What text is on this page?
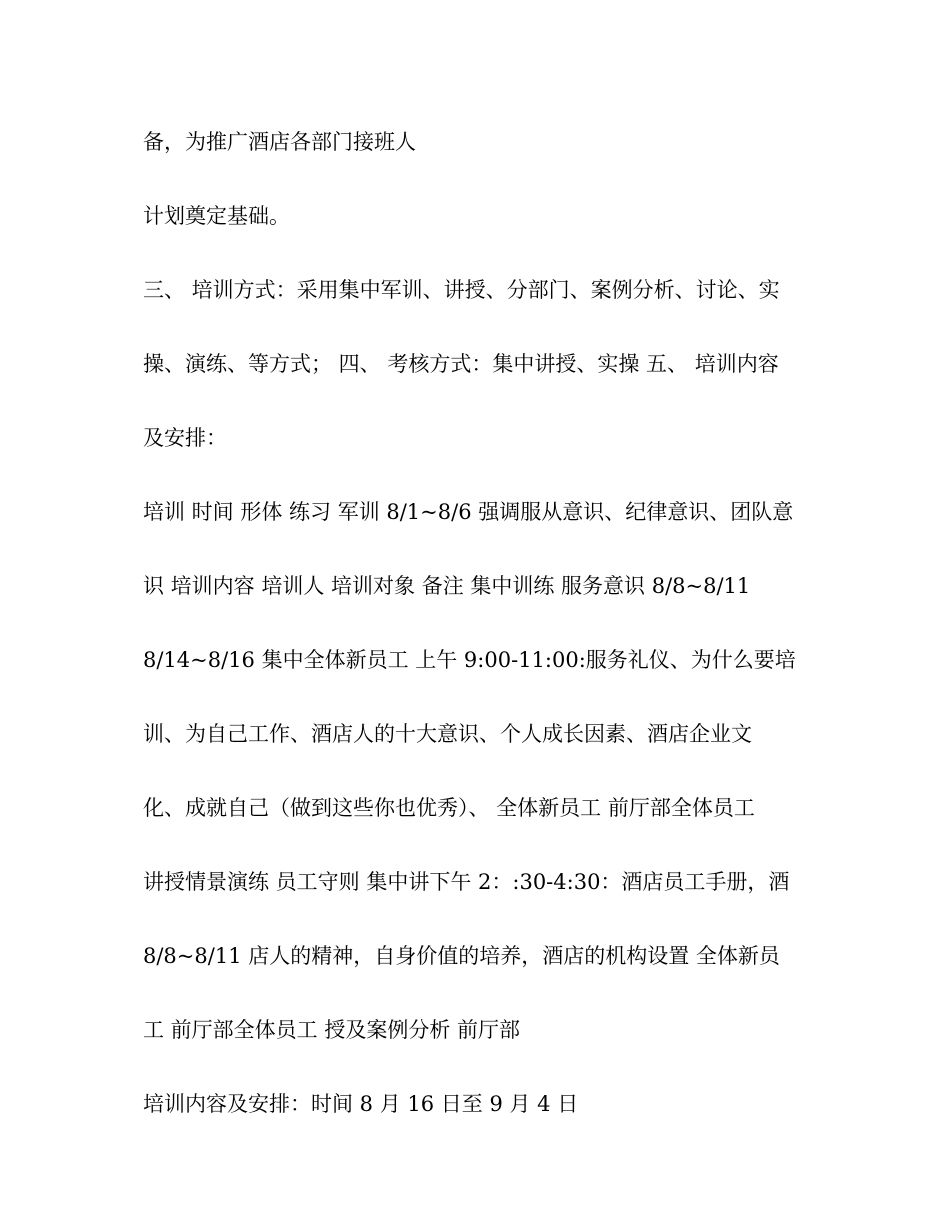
备，为推广酒店各部门接班人

计划奠定基础。

三、 培训方式：采用集中军训、讲授、分部门、案例分析、讨论、实

操、演练、等方式； 四、 考核方式：集中讲授、实操 五、 培训内容

及安排：

培训 时间 形体 练习 军训 8/1~8/6 强调服从意识、纪律意识、团队意

识 培训内容 培训人 培训对象 备注 集中训练 服务意识 8/8~8/11

8/14~8/16 集中全体新员工 上午 9:00-11:00:服务礼仪、为什么要培

训、为自己工作、酒店人的十大意识、个人成长因素、酒店企业文

化、成就自己（做到这些你也优秀）、 全体新员工 前厅部全体员工

讲授情景演练 员工守则 集中讲下午 2：:30-4:30：酒店员工手册，酒

8/8~8/11 店人的精神，自身价值的培养，酒店的机构设置 全体新员

工 前厅部全体员工 授及案例分析 前厅部

培训内容及安排：时间 8 月 16 日至 9 月 4 日
